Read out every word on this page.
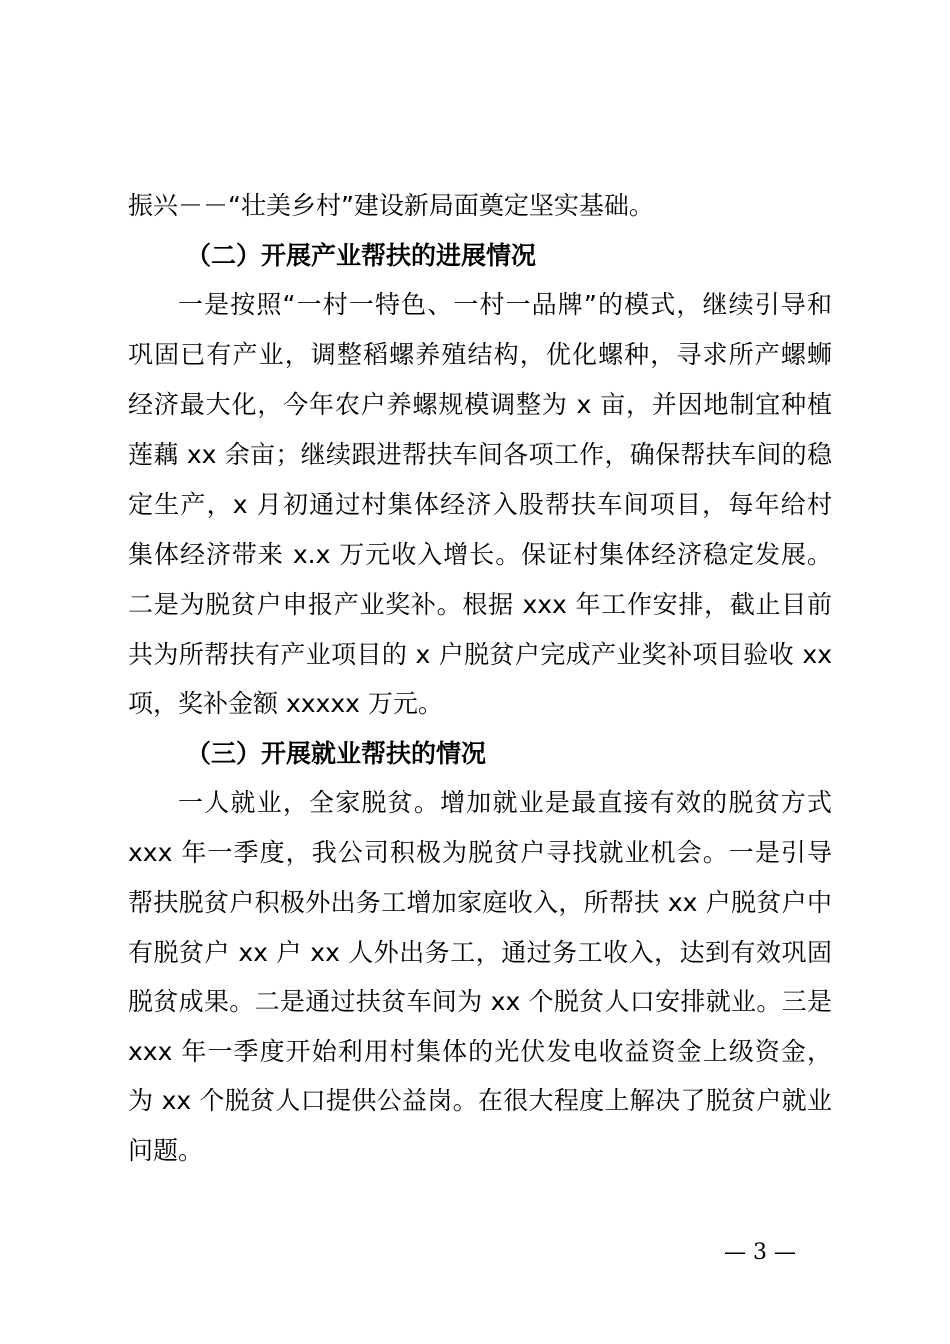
振兴－－“壮美乡村”建设新局面奠定坚实基础。
（二）开展产业帮扶的进展情况
一是按照“一村一特色、一村一品牌”的模式，继续引导和
巩固已有产业，调整稻螺养殖结构，优化螺种，寻求所产螺蛳
经济最大化，今年农户养螺规模调整为 x 亩，并因地制宜种植
莲藕 xx 余亩；继续跟进帮扶车间各项工作，确保帮扶车间的稳
定生产，x 月初通过村集体经济入股帮扶车间项目，每年给村
集体经济带来 x.x 万元收入增长。保证村集体经济稳定发展。
二是为脱贫户申报产业奖补。根据 xxx 年工作安排，截止目前
共为所帮扶有产业项目的 x 户脱贫户完成产业奖补项目验收 xx
项，奖补金额 xxxxx 万元。
（三）开展就业帮扶的情况
一人就业，全家脱贫。增加就业是最直接有效的脱贫方式
xxx 年一季度，我公司积极为脱贫户寻找就业机会。一是引导
帮扶脱贫户积极外出务工增加家庭收入，所帮扶 xx 户脱贫户中
有脱贫户 xx 户 xx 人外出务工，通过务工收入，达到有效巩固
脱贫成果。二是通过扶贫车间为 xx 个脱贫人口安排就业。三是
xxx 年一季度开始利用村集体的光伏发电收益资金上级资金，
为 xx 个脱贫人口提供公益岗。在很大程度上解决了脱贫户就业
问题。
— 3 —
